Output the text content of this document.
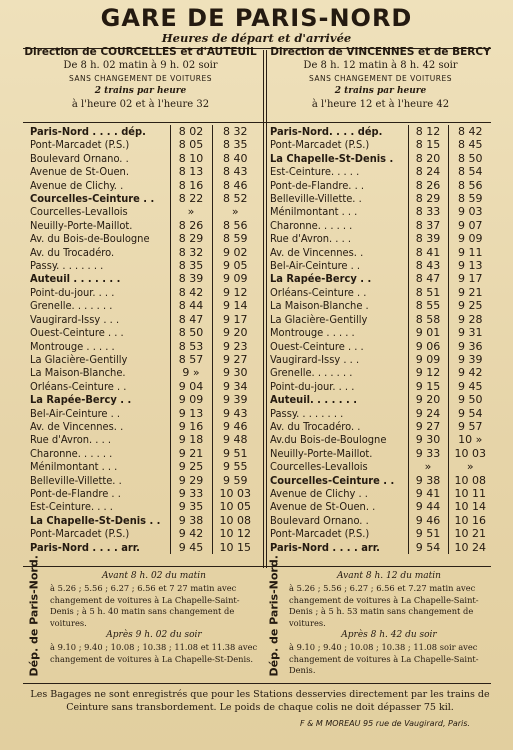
GARE DE PARIS-NORD
Heures de départ et d'arrivée
Direction de COURCELLES et d'AUTEUIL
De 8 h. 02 matin à 9 h. 02 soir
SANS CHANGEMENT DE VOITURES
2 trains par heure
à l'heure 02 et à l'heure 32
Direction de VINCENNES et de BERCY
De 8 h. 12 matin à 8 h. 42 soir
SANS CHANGEMENT DE VOITURES
2 trains par heure
à l'heure 12 et à l'heure 42
Paris-Nord . . . . dép.	8 02	8 32
Pont-Marcadet (P.S.)	8 05	8 35
Boulevard Ornano. .	8 10	8 40
Avenue de St-Ouen.	8 13	8 43
Avenue de Clichy. .	8 16	8 46
Courcelles-Ceinture . .	8 22	8 52
Courcelles-Levallois	»	»
Neuilly-Porte-Maillot.	8 26	8 56
Av. du Bois-de-Boulogne	8 29	8 59
Av. du Trocadéro.	8 32	9 02
Passy. . . . . . . .	8 35	9 05
Auteuil . . . . . . .	8 39	9 09
Point-du-jour. . . .	8 42	9 12
Grenelle. . . . . . .	8 44	9 14
Vaugirard-Issy . . .	8 47	9 17
Ouest-Ceinture . . .	8 50	9 20
Montrouge . . . . .	8 53	9 23
La Glacière-Gentilly	8 57	9 27
La Maison-Blanche.	9 »	9 30
Orléans-Ceinture . .	9 04	9 34
La Rapée-Bercy . .	9 09	9 39
Bel-Air-Ceinture . .	9 13	9 43
Av. de Vincennes. .	9 16	9 46
Rue d'Avron. . . .	9 18	9 48
Charonne. . . . . .	9 21	9 51
Ménilmontant . . .	9 25	9 55
Belleville-Villette. .	9 29	9 59
Pont-de-Flandre . .	9 33	10 03
Est-Ceinture. . . .	9 35	10 05
La Chapelle-St-Denis . .	9 38	10 08
Pont-Marcadet (P.S.)	9 42	10 12
Paris-Nord . . . . arr.	9 45	10 15
Paris-Nord. . . . dép.	8 12	8 42
Pont-Marcadet (P.S.)	8 15	8 45
La Chapelle-St-Denis .	8 20	8 50
Est-Ceinture. . . . .	8 24	8 54
Pont-de-Flandre. . .	8 26	8 56
Belleville-Villette. .	8 29	8 59
Ménilmontant . . .	8 33	9 03
Charonne. . . . . .	8 37	9 07
Rue d'Avron. . . .	8 39	9 09
Av. de Vincennes. .	8 41	9 11
Bel-Air-Ceinture . .	8 43	9 13
La Rapée-Bercy . .	8 47	9 17
Orléans-Ceinture . .	8 51	9 21
La Maison-Blanche .	8 55	9 25
La Glacière-Gentilly	8 58	9 28
Montrouge . . . . .	9 01	9 31
Ouest-Ceinture . . .	9 06	9 36
Vaugirard-Issy . . .	9 09	9 39
Grenelle. . . . . . .	9 12	9 42
Point-du-jour. . . .	9 15	9 45
Auteuil. . . . . . .	9 20	9 50
Passy. . . . . . . .	9 24	9 54
Av. du Trocadéro. .	9 27	9 57
Av.du Bois-de-Boulogne	9 30	10 »
Neuilly-Porte-Maillot.	9 33	10 03
Courcelles-Levallois	»	»
Courcelles-Ceinture . .	9 38	10 08
Avenue de Clichy . .	9 41	10 11
Avenue de St-Ouen. .	9 44	10 14
Boulevard Ornano. .	9 46	10 16
Pont-Marcadet (P.S.)	9 51	10 21
Paris-Nord . . . . arr.	9 54	10 24
Dép. de Paris-Nord.	Avant 8 h. 02 du matin
à 5.26 ; 5.56 ; 6.27 ; 6.56 et 7 27 matin avec changement de voitures à La Chapelle-Saint-Denis ; à 5 h. 40 matin sans changement de voitures.
Après 9 h. 02 du soir
à 9.10 ; 9.40 ; 10.08 ; 10.38 ; 11.08 et 11.38 avec changement de voitures à La Chapelle-St-Denis.	Dép. de Paris-Nord.	Avant 8 h. 12 du matin
à 5.26 ; 5.56 ; 6.27 ; 6.56 et 7.27 matin avec changement de voitures à La Chapelle-Saint-Denis ; à 5 h. 53 matin sans changement de voitures.
Après 8 h. 42 du soir
à 9.10 ; 9.40 ; 10.08 ; 10.38 ; 11.08 soir avec changement de voitures à La Chapelle-Saint-Denis.
Les Bagages ne sont enregistrés que pour les Stations desservies directement par les trains de Ceinture sans transbordement. Le poids de chaque colis ne doit dépasser 75 kil.
F & M MOREAU 95 rue de Vaugirard, Paris.
